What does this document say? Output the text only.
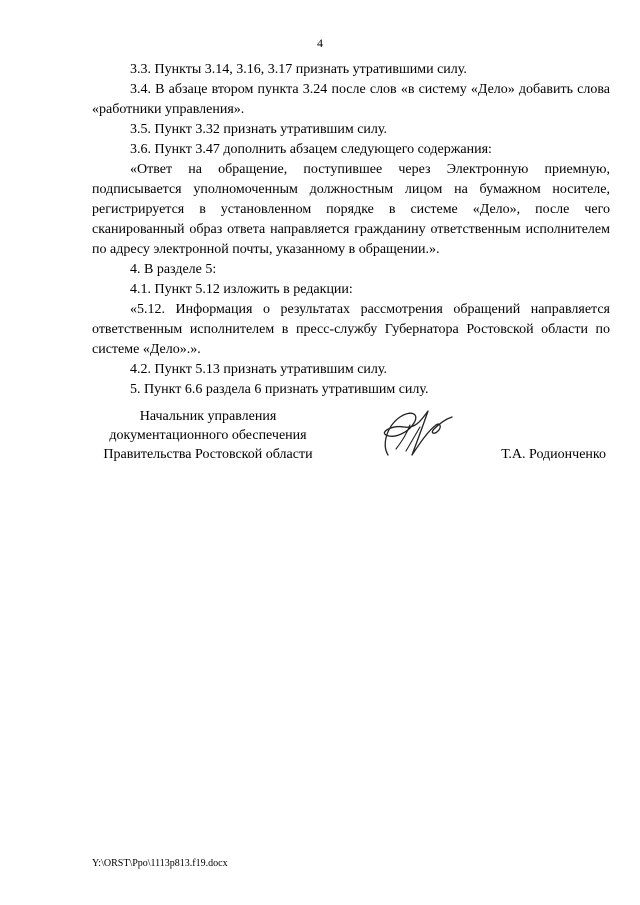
4

3.3. Пункты 3.14, 3.16, 3.17 признать утратившими силу.

3.4. В абзаце втором пункта 3.24 после слов «в систему «Дело» добавить слова «работники управления».

3.5. Пункт 3.32 признать утратившим силу.

3.6. Пункт 3.47 дополнить абзацем следующего содержания:

«Ответ на обращение, поступившее через Электронную приемную, подписывается уполномоченным должностным лицом на бумажном носителе, регистрируется в установленном порядке в системе «Дело», после чего сканированный образ ответа направляется гражданину ответственным исполнителем по адресу электронной почты, указанному в обращении.».

4. В разделе 5:

4.1. Пункт 5.12 изложить в редакции:

«5.12. Информация о результатах рассмотрения обращений направляется ответственным исполнителем в пресс-службу Губернатора Ростовской области по системе «Дело».».

4.2. Пункт 5.13 признать утратившим силу.

5. Пункт 6.6 раздела 6 признать утратившим силу.

Начальник управления
документационного обеспечения
Правительства Ростовской области	Т.А. Родионченко
Y:\ORST\Ppo\1113p813.f19.docx
